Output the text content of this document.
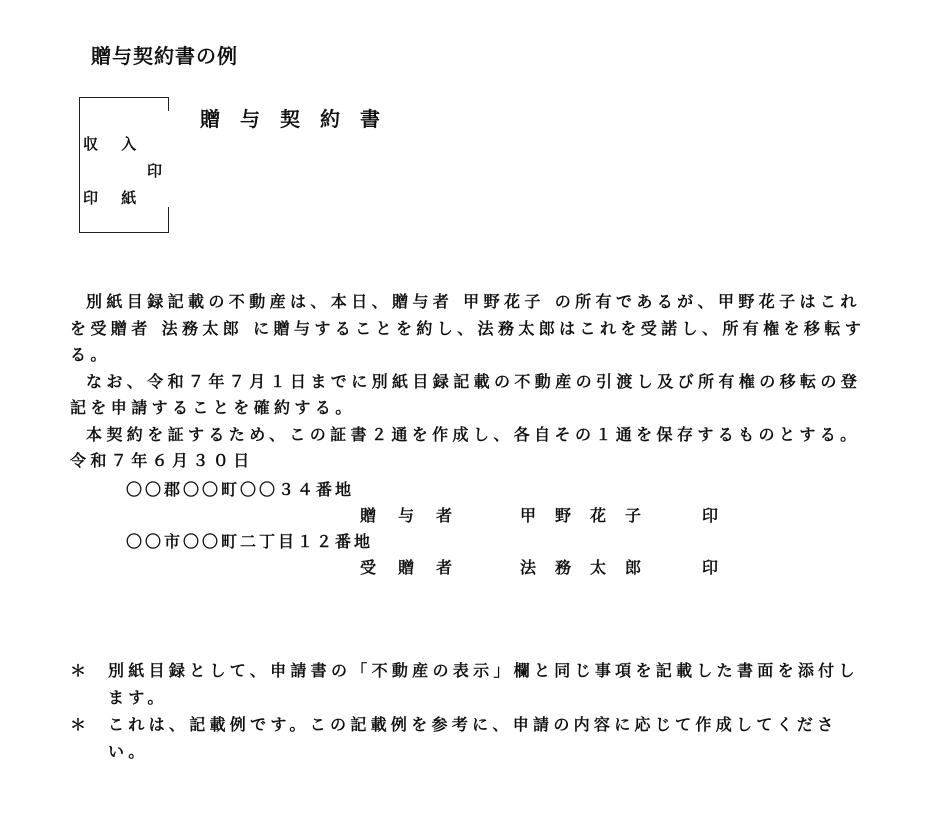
贈与契約書の例
収 入
印
印 紙
贈与契約書

別紙目録記載の不動産は、本日、贈与者 甲野花子 の所有であるが、甲野花子はこれを受贈者 法務太郎 に贈与することを約し、法務太郎はこれを受諾し、所有権を移転する。

なお、令和７年７月１日までに別紙目録記載の不動産の引渡し及び所有権の移転の登記を申請することを確約する。

本契約を証するため、この証書２通を作成し、各自その１通を保存するものとする。

令和７年６月３０日

〇〇郡〇〇町〇〇３４番地
贈与者	甲野花子	印
〇〇市〇〇町二丁目１２番地
受贈者	法務太郎	印
＊	別紙目録として、申請書の「不動産の表示」欄と同じ事項を記載した書面を添付します。
＊	これは、記載例です。この記載例を参考に、申請の内容に応じて作成してください。
